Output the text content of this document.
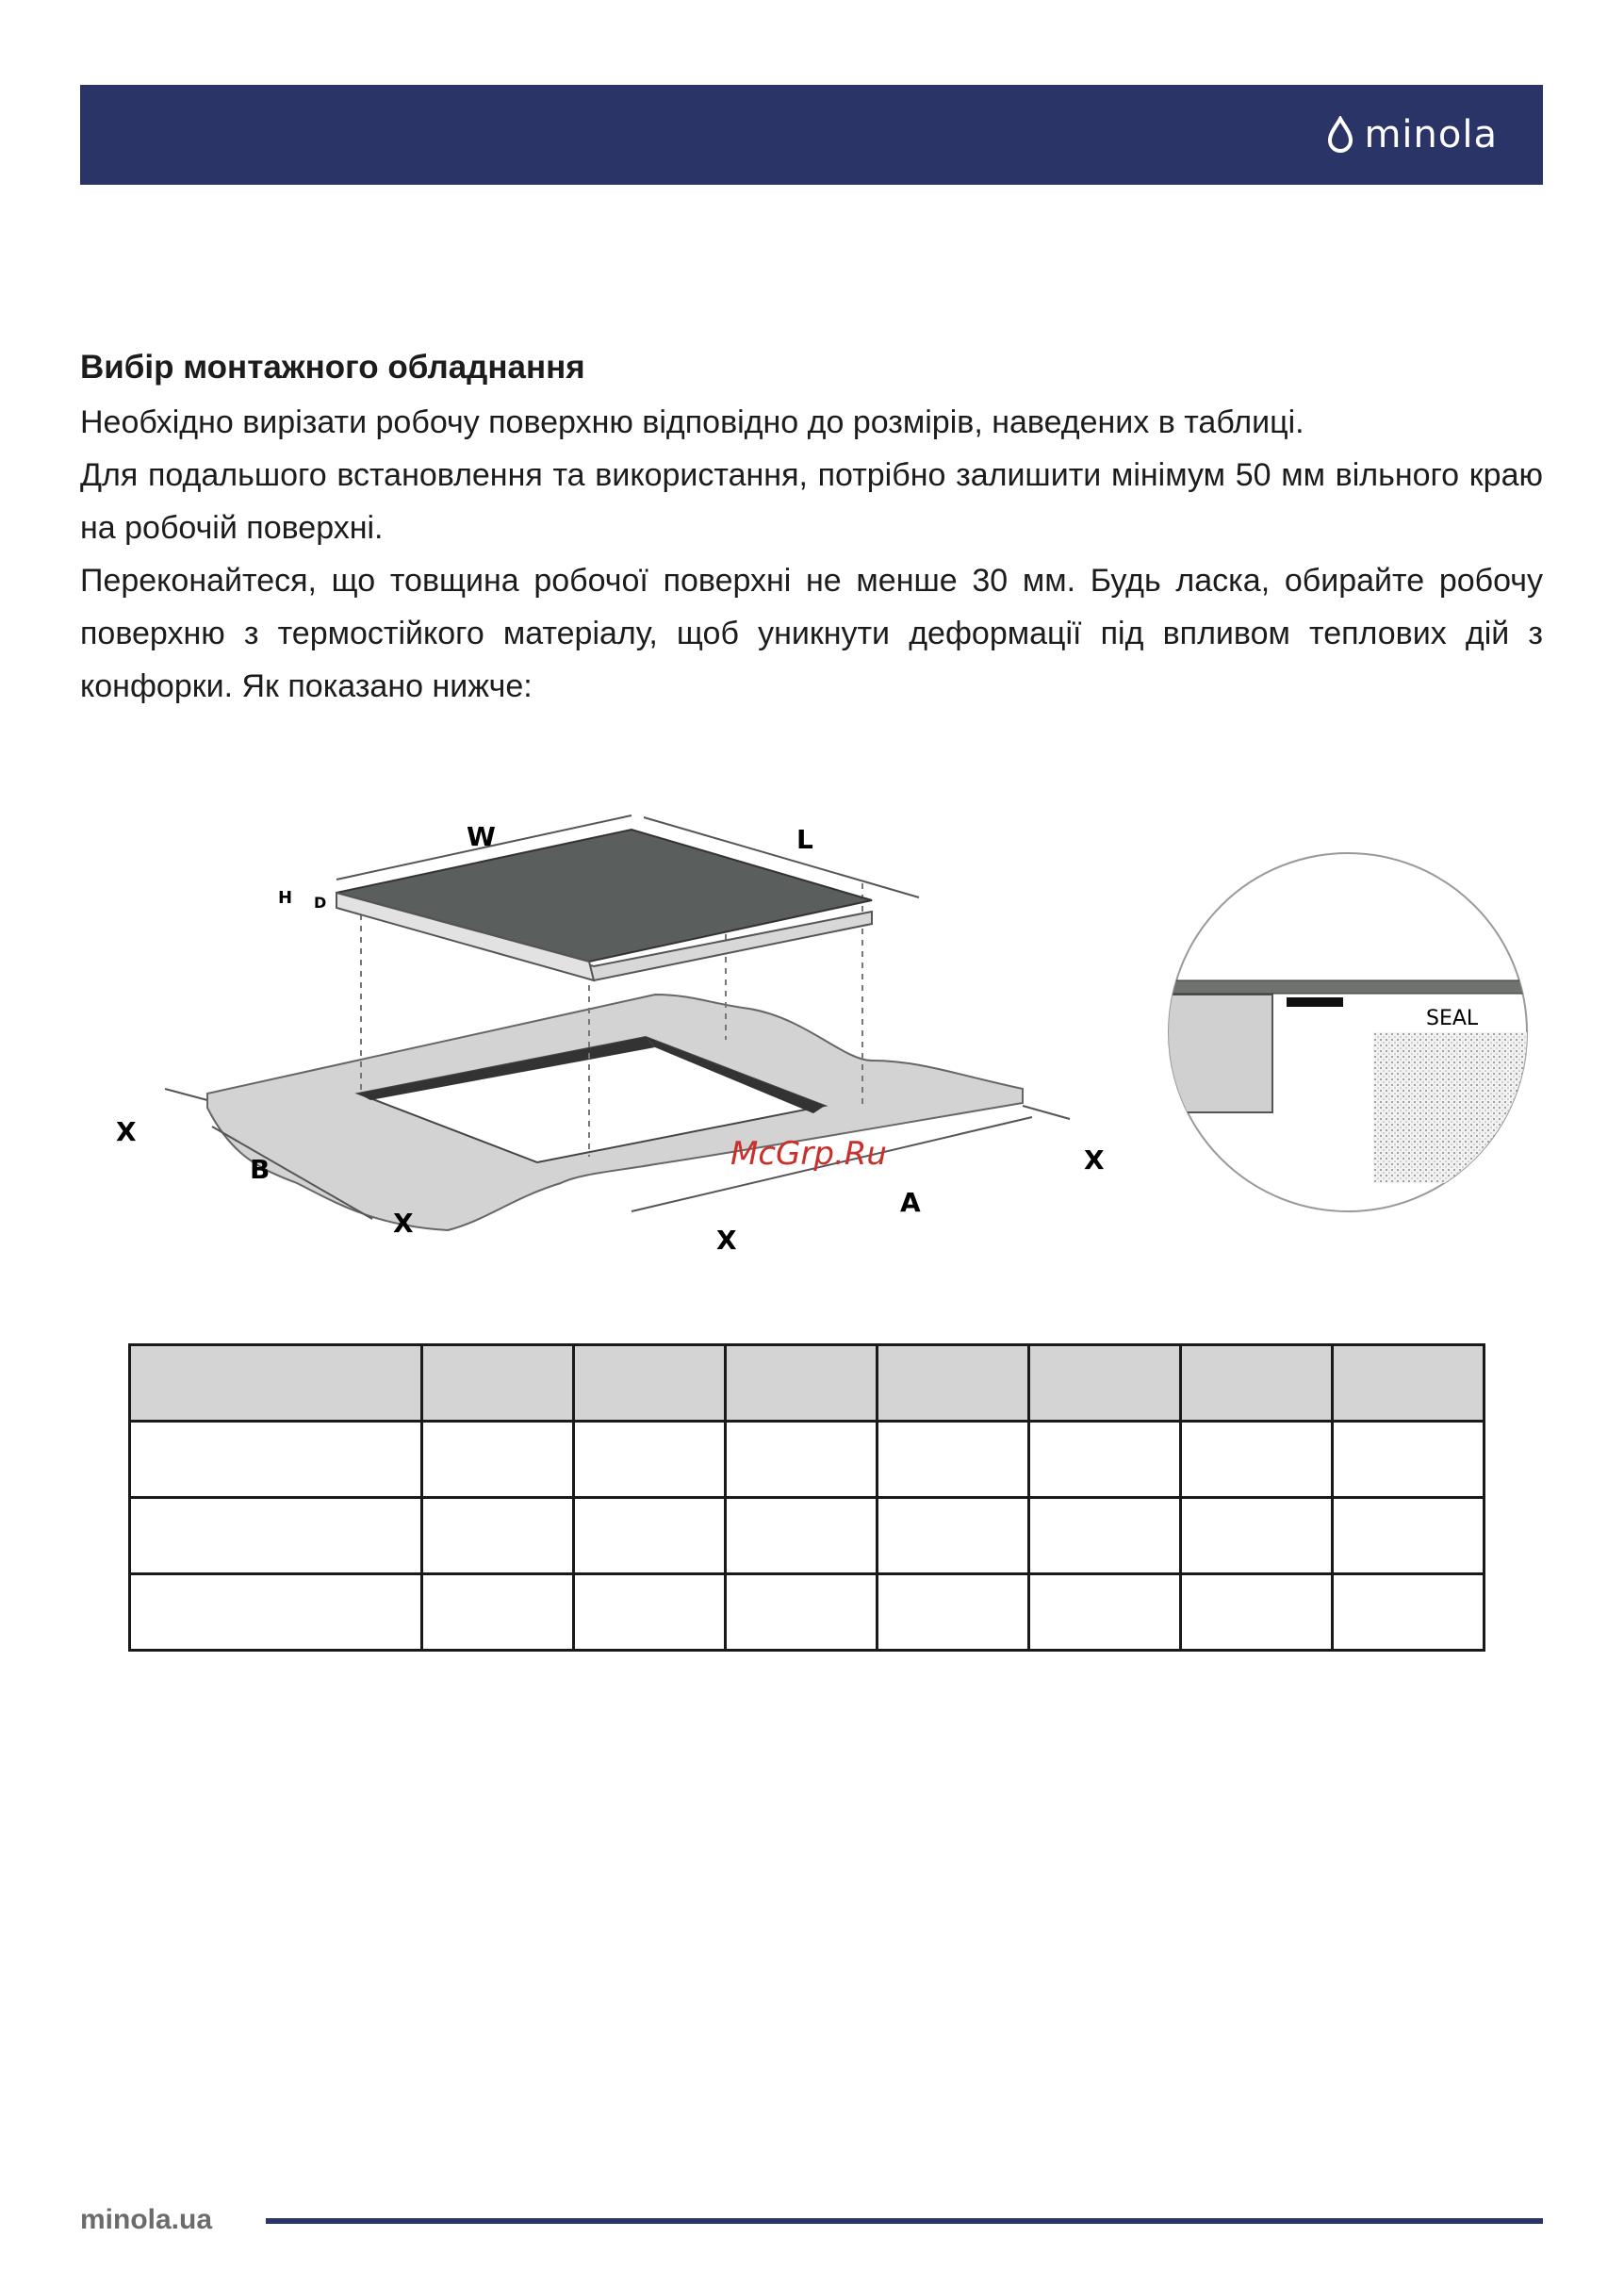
minola
Вибір монтажного обладнання

Необхідно вирізати робочу поверхню відповідно до розмірів, наведених в таблиці.

Для подальшого встановлення та використання, потрібно залишити мінімум 50 мм вільного краю на робочій поверхні.

Переконайтеся, що товщина робочої поверхні не менше 30 мм. Будь ласка, обирайте робочу поверхню з термостійкого матеріалу, щоб уникнути деформації під впливом теплових дій з конфорки. Як показано нижче:

W	L
H D
X
B
X
X
A
X
McGrp.Ru
SEAL

minola.ua
